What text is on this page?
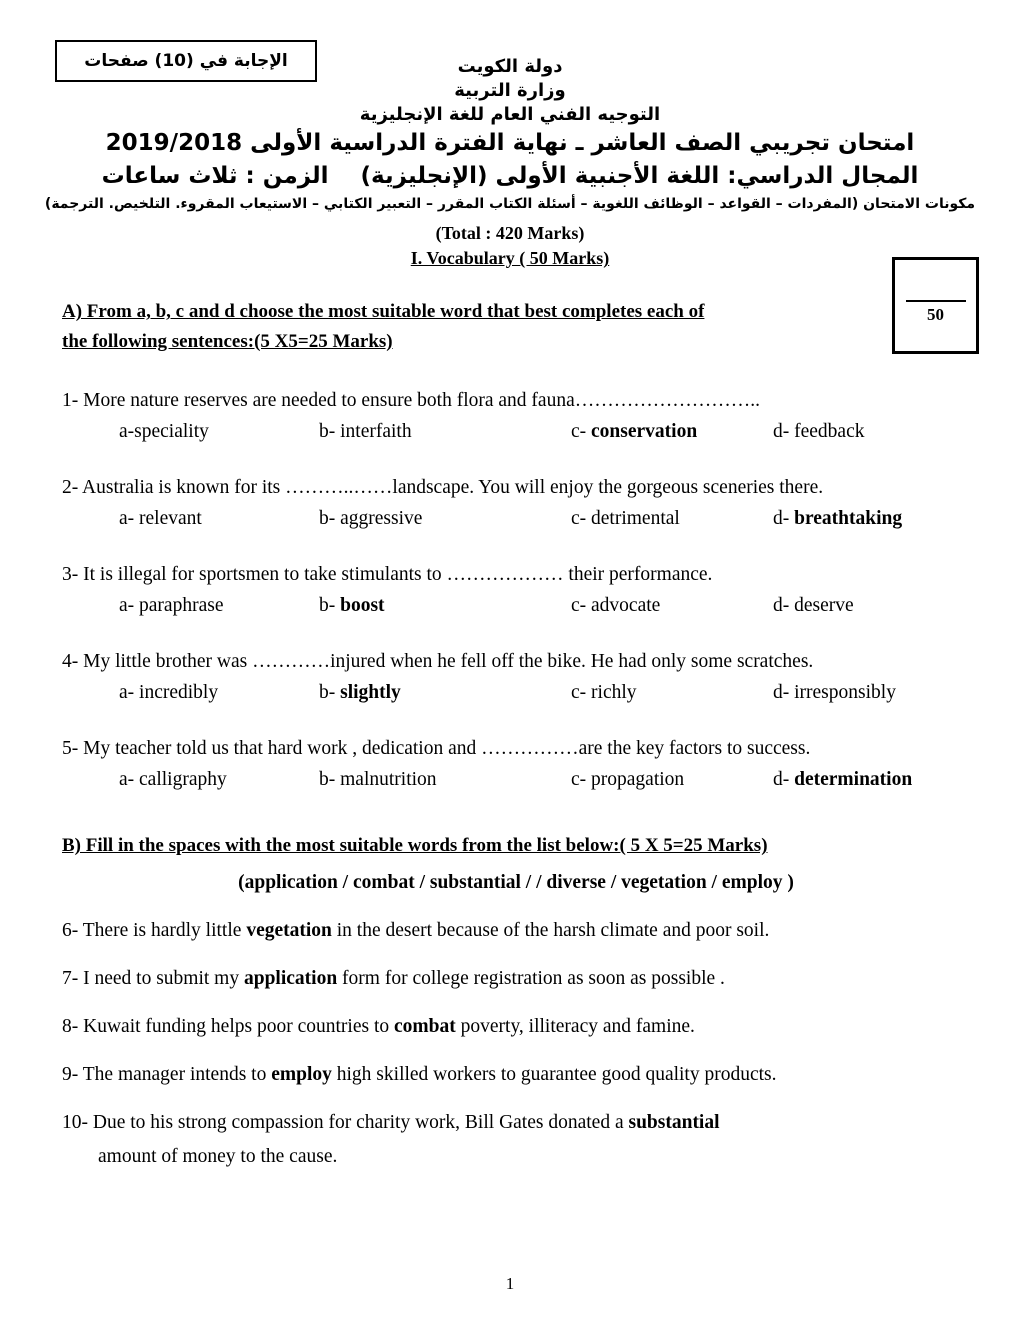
الإجابة في (10) صفحات
50
دولة الكويت
وزارة التربية
التوجيه الفني العام للغة الإنجليزية
امتحان تجريبي الصف العاشر ـ نهاية الفترة الدراسية الأولى 2019/2018
المجال الدراسي: اللغة الأجنبية الأولى (الإنجليزية)    الزمن : ثلاث ساعات
مكونات الامتحان (المفردات – القواعد – الوظائف اللغوية – أسئلة الكتاب المقرر – التعبير الكتابي – الاستيعاب المقروء. التلخيص. الترجمة)
(Total : 420 Marks)
I. Vocabulary ( 50 Marks)
A) From a, b, c and d choose the most suitable word that best completes each of
the following sentences:(5 X5=25 Marks)
1- More nature reserves are needed to ensure both flora and fauna………………………..
a-speciality	b- interfaith	c- conservation	d- feedback
2- Australia is known for its ………..……landscape. You will enjoy the gorgeous sceneries there.
a- relevant	b- aggressive	c- detrimental	d- breathtaking
3- It is illegal for sportsmen to take stimulants to ……………… their performance.
a- paraphrase	b- boost	c- advocate	d- deserve
4- My little brother was …………injured when he fell off the bike. He had only some scratches.
a- incredibly	b- slightly	c- richly	d- irresponsibly
5- My teacher told us that hard work , dedication and ……………are the key factors to success.
a- calligraphy	b- malnutrition	c- propagation	d- determination
B) Fill in the spaces with the most suitable words from the list below:( 5 X 5=25 Marks)
(application / combat / substantial / / diverse / vegetation / employ )
6- There is hardly little vegetation in the desert because of the harsh climate and poor soil.
7- I need to submit my application form for college registration as soon as possible .
8- Kuwait funding helps poor countries to combat poverty, illiteracy and famine.
9- The manager intends to employ high skilled workers to guarantee good quality products.
10- Due to his strong compassion for charity work, Bill Gates donated a substantial
amount of money to the cause.
1
